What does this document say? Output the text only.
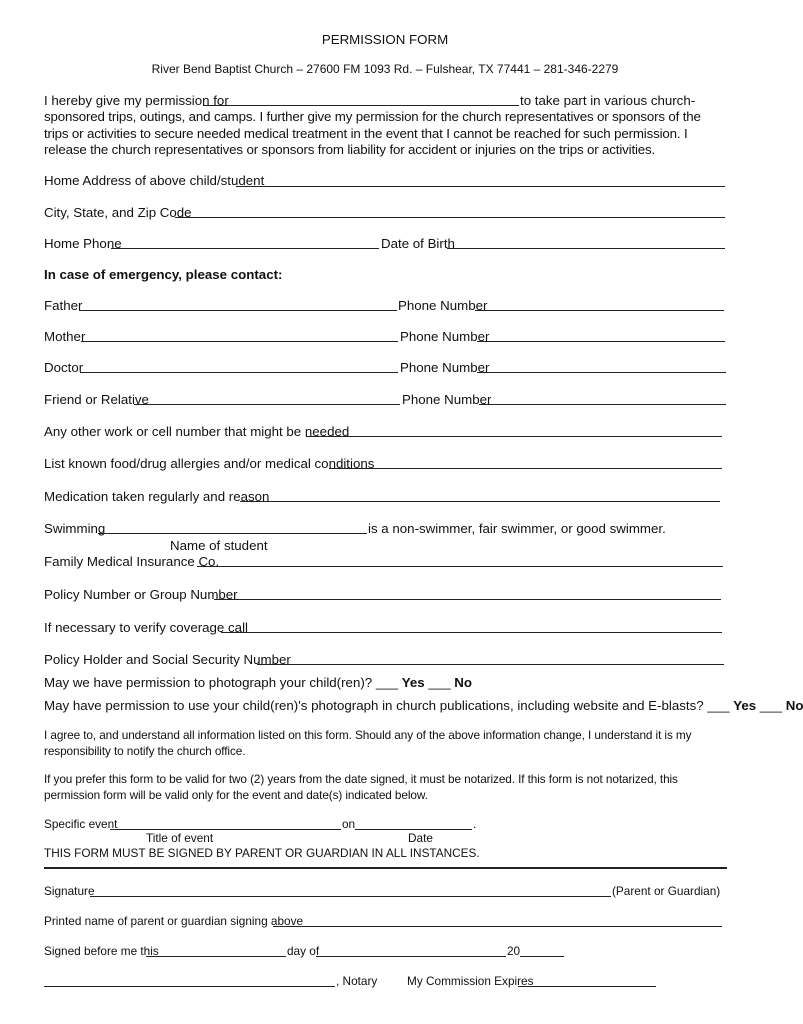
PERMISSION FORM
River Bend Baptist Church – 27600 FM 1093 Rd. – Fulshear, TX 77441 – 281-346-2279
I hereby give my permission for	to take part in various church-
sponsored trips, outings, and camps. I further give my permission for the church representatives or sponsors of the trips or activities to secure needed medical treatment in the event that I cannot be reached for such permission. I release the church representatives or sponsors from liability for accident or injuries on the trips or activities.
Home Address of above child/student
City, State, and Zip Code
Home Phone	Date of Birth
In case of emergency, please contact:
Father	Phone Number
Mother	Phone Number
Doctor	Phone Number
Friend or Relative	Phone Number
Any other work or cell number that might be needed
List known food/drug allergies and/or medical conditions
Medication taken regularly and reason
Swimming	is a non-swimmer, fair swimmer, or good swimmer.
Name of student
Family Medical Insurance Co.
Policy Number or Group Number
If necessary to verify coverage call
Policy Holder and Social Security Number
May we have permission to photograph your child(ren)? ___ Yes ___ No
May have permission to use your child(ren)'s photograph in church publications, including website and E-blasts? ___ Yes ___ No
I agree to, and understand all information listed on this form. Should any of the above information change, I understand it is my responsibility to notify the church office.
If you prefer this form to be valid for two (2) years from the date signed, it must be notarized. If this form is not notarized, this permission form will be valid only for the event and date(s) indicated below.
Specific event	on	.
Title of event	Date
THIS FORM MUST BE SIGNED BY PARENT OR GUARDIAN IN ALL INSTANCES.
Signature	(Parent or Guardian)
Printed name of parent or guardian signing above
Signed before me this	day of	20
, Notary	My Commission Expires
